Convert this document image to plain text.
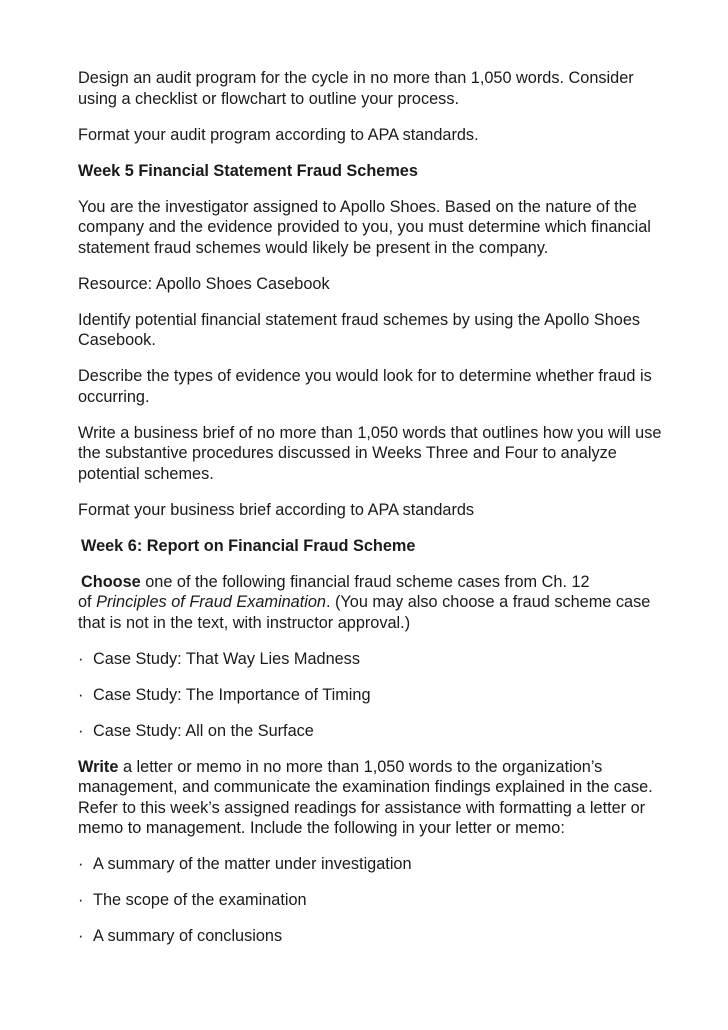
Design an audit program for the cycle in no more than 1,050 words. Consider
using a checklist or flowchart to outline your process.

Format your audit program according to APA standards.

Week 5 Financial Statement Fraud Schemes

You are the investigator assigned to Apollo Shoes. Based on the nature of the
company and the evidence provided to you, you must determine which financial
statement fraud schemes would likely be present in the company.

Resource: Apollo Shoes Casebook

Identify potential financial statement fraud schemes by using the Apollo Shoes
Casebook.

Describe the types of evidence you would look for to determine whether fraud is
occurring.

Write a business brief of no more than 1,050 words that outlines how you will use
the substantive procedures discussed in Weeks Three and Four to analyze
potential schemes.

Format your business brief according to APA standards

Week 6: Report on Financial Fraud Scheme

Choose one of the following financial fraud scheme cases from Ch. 12
of Principles of Fraud Examination. (You may also choose a fraud scheme case
that is not in the text, with instructor approval.)

· Case Study: That Way Lies Madness

· Case Study: The Importance of Timing

· Case Study: All on the Surface

Write a letter or memo in no more than 1,050 words to the organization’s
management, and communicate the examination findings explained in the case.
Refer to this week’s assigned readings for assistance with formatting a letter or
memo to management. Include the following in your letter or memo:

· A summary of the matter under investigation

· The scope of the examination

· A summary of conclusions
